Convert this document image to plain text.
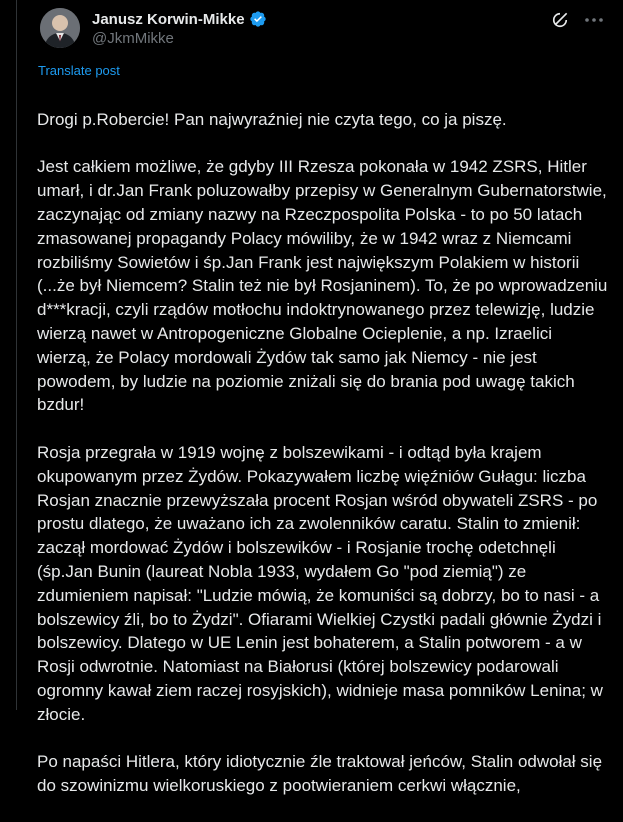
Janusz Korwin-Mikke
@JkmMikke
Translate post

Drogi p.Robercie! Pan najwyraźniej nie czyta tego, co ja piszę.

Jest całkiem możliwe, że gdyby III Rzesza pokonała w 1942 ZSRS, Hitler umarł, i dr.Jan Frank poluzowałby przepisy w Generalnym Gubernatorstwie, zaczynając od zmiany nazwy na Rzeczpospolita Polska - to po 50 latach zmasowanej propagandy Polacy mówiliby, że w 1942 wraz z Niemcami rozbiliśmy Sowietów i śp.Jan Frank jest największym Polakiem w historii (...że był Niemcem? Stalin też nie był Rosjaninem). To, że po wprowadzeniu d***kracji, czyli rządów motłochu indoktrynowanego przez telewizję, ludzie wierzą nawet w Antropogeniczne Globalne Ocieplenie, a np. Izraelici wierzą, że Polacy mordowali Żydów tak samo jak Niemcy - nie jest powodem, by ludzie na poziomie zniżali się do brania pod uwagę takich bzdur!

Rosja przegrała w 1919 wojnę z bolszewikami - i odtąd była krajem okupowanym przez Żydów. Pokazywałem liczbę więźniów Gułagu: liczba Rosjan znacznie przewyższała procent Rosjan wśród obywateli ZSRS - po prostu dlatego, że uważano ich za zwolenników caratu. Stalin to zmienił: zaczął mordować Żydów i bolszewików - i Rosjanie trochę odetchnęli (śp.Jan Bunin (laureat Nobla 1933, wydałem Go "pod ziemią") ze zdumieniem napisał: "Ludzie mówią, że komuniści są dobrzy, bo to nasi - a bolszewicy źli, bo to Żydzi". Ofiarami Wielkiej Czystki padali głównie Żydzi i bolszewicy. Dlatego w UE Lenin jest bohaterem, a Stalin potworem - a w Rosji odwrotnie. Natomiast na Białorusi (której bolszewicy podarowali ogromny kawał ziem raczej rosyjskich), widnieje masa pomników Lenina; w złocie.

Po napaści Hitlera, który idiotycznie źle traktował jeńców, Stalin odwołał się do szowinizmu wielkoruskiego z pootwieraniem cerkwi włącznie,
